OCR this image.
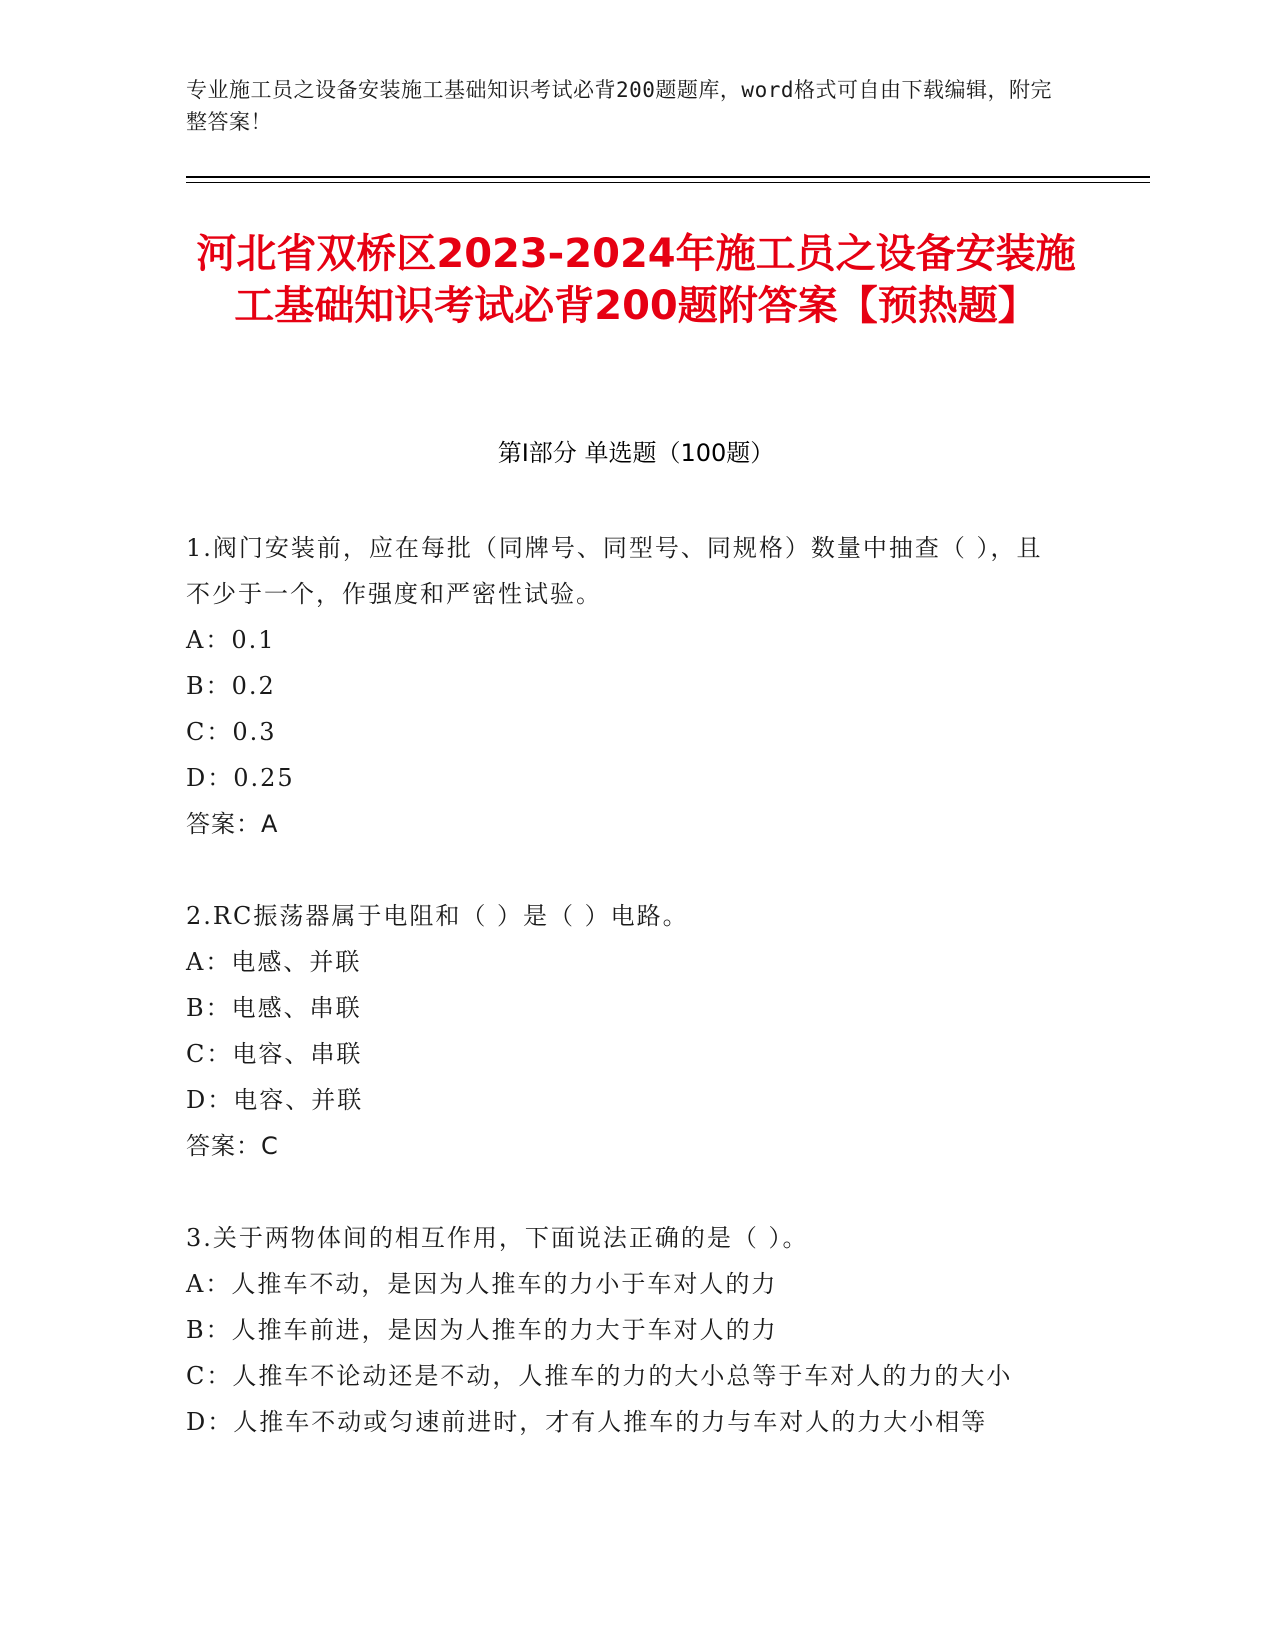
专业施工员之设备安装施工基础知识考试必背200题题库，word格式可自由下载编辑，附完整答案！
河北省双桥区2023-2024年施工员之设备安装施工基础知识考试必背200题附答案【预热题】
第I部分 单选题（100题）
1.阀门安装前，应在每批（同牌号、同型号、同规格）数量中抽查（ ），且不少于一个，作强度和严密性试验。
A：0.1
B：0.2
C：0.3
D：0.25
答案：A
2.RC振荡器属于电阻和（ ）是（ ）电路。
A：电感、并联
B：电感、串联
C：电容、串联
D：电容、并联
答案：C
3.关于两物体间的相互作用，下面说法正确的是（ ）。
A：人推车不动，是因为人推车的力小于车对人的力
B：人推车前进，是因为人推车的力大于车对人的力
C：人推车不论动还是不动，人推车的力的大小总等于车对人的力的大小
D：人推车不动或匀速前进时，才有人推车的力与车对人的力大小相等
